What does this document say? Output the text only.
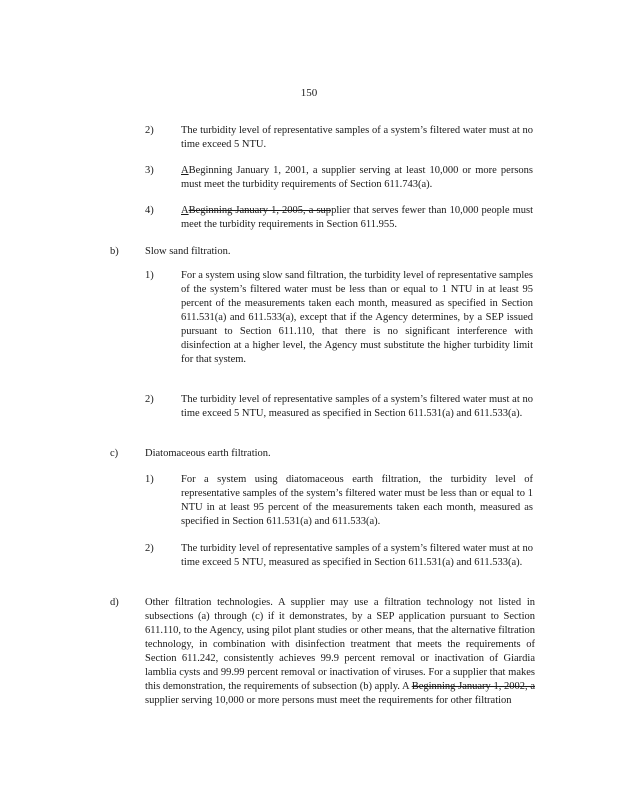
150
2)	The turbidity level of representative samples of a system’s filtered water must at no time exceed 5 NTU.
3)	ABeginning January 1, 2001, a supplier serving at least 10,000 or more persons must meet the turbidity requirements of Section 611.743(a).
4)	ABeginning January 1, 2005, a supplier that serves fewer than 10,000 people must meet the turbidity requirements in Section 611.955.
b)	Slow sand filtration.
1)	For a system using slow sand filtration, the turbidity level of representative samples of the system’s filtered water must be less than or equal to 1 NTU in at least 95 percent of the measurements taken each month, measured as specified in Section 611.531(a) and 611.533(a), except that if the Agency determines, by a SEP issued pursuant to Section 611.110, that there is no significant interference with disinfection at a higher level, the Agency must substitute the higher turbidity limit for that system.
2)	The turbidity level of representative samples of a system’s filtered water must at no time exceed 5 NTU, measured as specified in Section 611.531(a) and 611.533(a).
c)	Diatomaceous earth filtration.
1)	For a system using diatomaceous earth filtration, the turbidity level of representative samples of the system’s filtered water must be less than or equal to 1 NTU in at least 95 percent of the measurements taken each month, measured as specified in Section 611.531(a) and 611.533(a).
2)	The turbidity level of representative samples of a system’s filtered water must at no time exceed 5 NTU, measured as specified in Section 611.531(a) and 611.533(a).
d)	Other filtration technologies. A supplier may use a filtration technology not listed in subsections (a) through (c) if it demonstrates, by a SEP application pursuant to Section 611.110, to the Agency, using pilot plant studies or other means, that the alternative filtration technology, in combination with disinfection treatment that meets the requirements of Section 611.242, consistently achieves 99.9 percent removal or inactivation of Giardia lamblia cysts and 99.99 percent removal or inactivation of viruses. For a supplier that makes this demonstration, the requirements of subsection (b) apply. A Beginning January 1, 2002, a supplier serving 10,000 or more persons must meet the requirements for other filtration
